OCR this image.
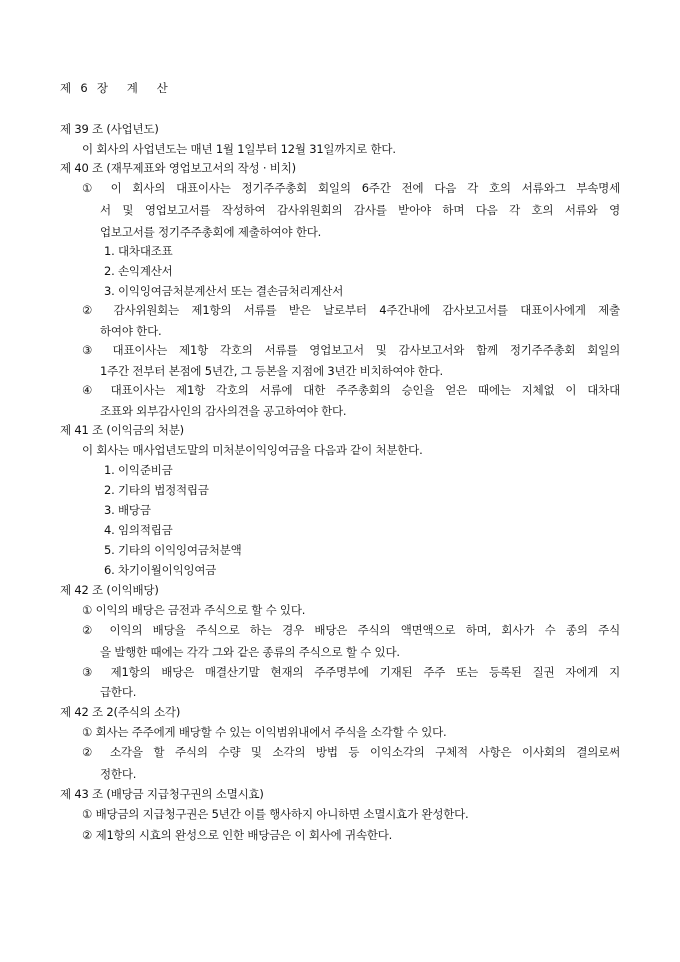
제 6 장  계  산
제 39 조 (사업년도)
이 회사의 사업년도는 매년 1월 1일부터 12월 31일까지로 한다.
제 40 조 (재무제표와 영업보고서의 작성 · 비치)
① 이 회사의 대표이사는 정기주주총회 회일의 6주간 전에 다음 각 호의 서류와그 부속명세
서 및 영업보고서를 작성하여 감사위원회의 감사를 받아야 하며 다음 각 호의 서류와 영
업보고서를 정기주주총회에 제출하여야 한다.
1. 대차대조표
2. 손익계산서
3. 이익잉여금처분계산서 또는 결손금처리계산서
② 감사위원회는 제1항의 서류를 받은 날로부터 4주간내에 감사보고서를 대표이사에게 제출
하여야 한다.
③ 대표이사는 제1항 각호의 서류를 영업보고서 및 감사보고서와 함께 정기주주총회 회일의
1주간 전부터 본점에 5년간, 그 등본을 지점에 3년간 비치하여야 한다.
④ 대표이사는 제1항 각호의 서류에 대한 주주총회의 승인을 얻은 때에는 지체없 이 대차대
조표와 외부감사인의 감사의견을 공고하여야 한다.
제 41 조 (이익금의 처분)
이 회사는 매사업년도말의 미처분이익잉여금을 다음과 같이 처분한다.
1. 이익준비금
2. 기타의 법정적립금
3. 배당금
4. 임의적립금
5. 기타의 이익잉여금처분액
6. 차기이월이익잉여금
제 42 조 (이익배당)
① 이익의 배당은 금전과 주식으로 할 수 있다.
② 이익의 배당을 주식으로 하는 경우 배당은 주식의 액면액으로 하며, 회사가 수 종의 주식
을 발행한 때에는 각각 그와 같은 종류의 주식으로 할 수 있다.
③ 제1항의 배당은 매결산기말 현재의 주주명부에 기재된 주주 또는 등록된 질권 자에게 지
급한다.
제 42 조 2(주식의 소각)
① 회사는 주주에게 배당할 수 있는 이익범위내에서 주식을 소각할 수 있다.
② 소각을 할 주식의 수량 및 소각의 방법 등 이익소각의 구체적 사항은 이사회의 결의로써
정한다.
제 43 조 (배당금 지급청구권의 소멸시효)
① 배당금의 지급청구권은 5년간 이를 행사하지 아니하면 소멸시효가 완성한다.
② 제1항의 시효의 완성으로 인한 배당금은 이 회사에 귀속한다.
